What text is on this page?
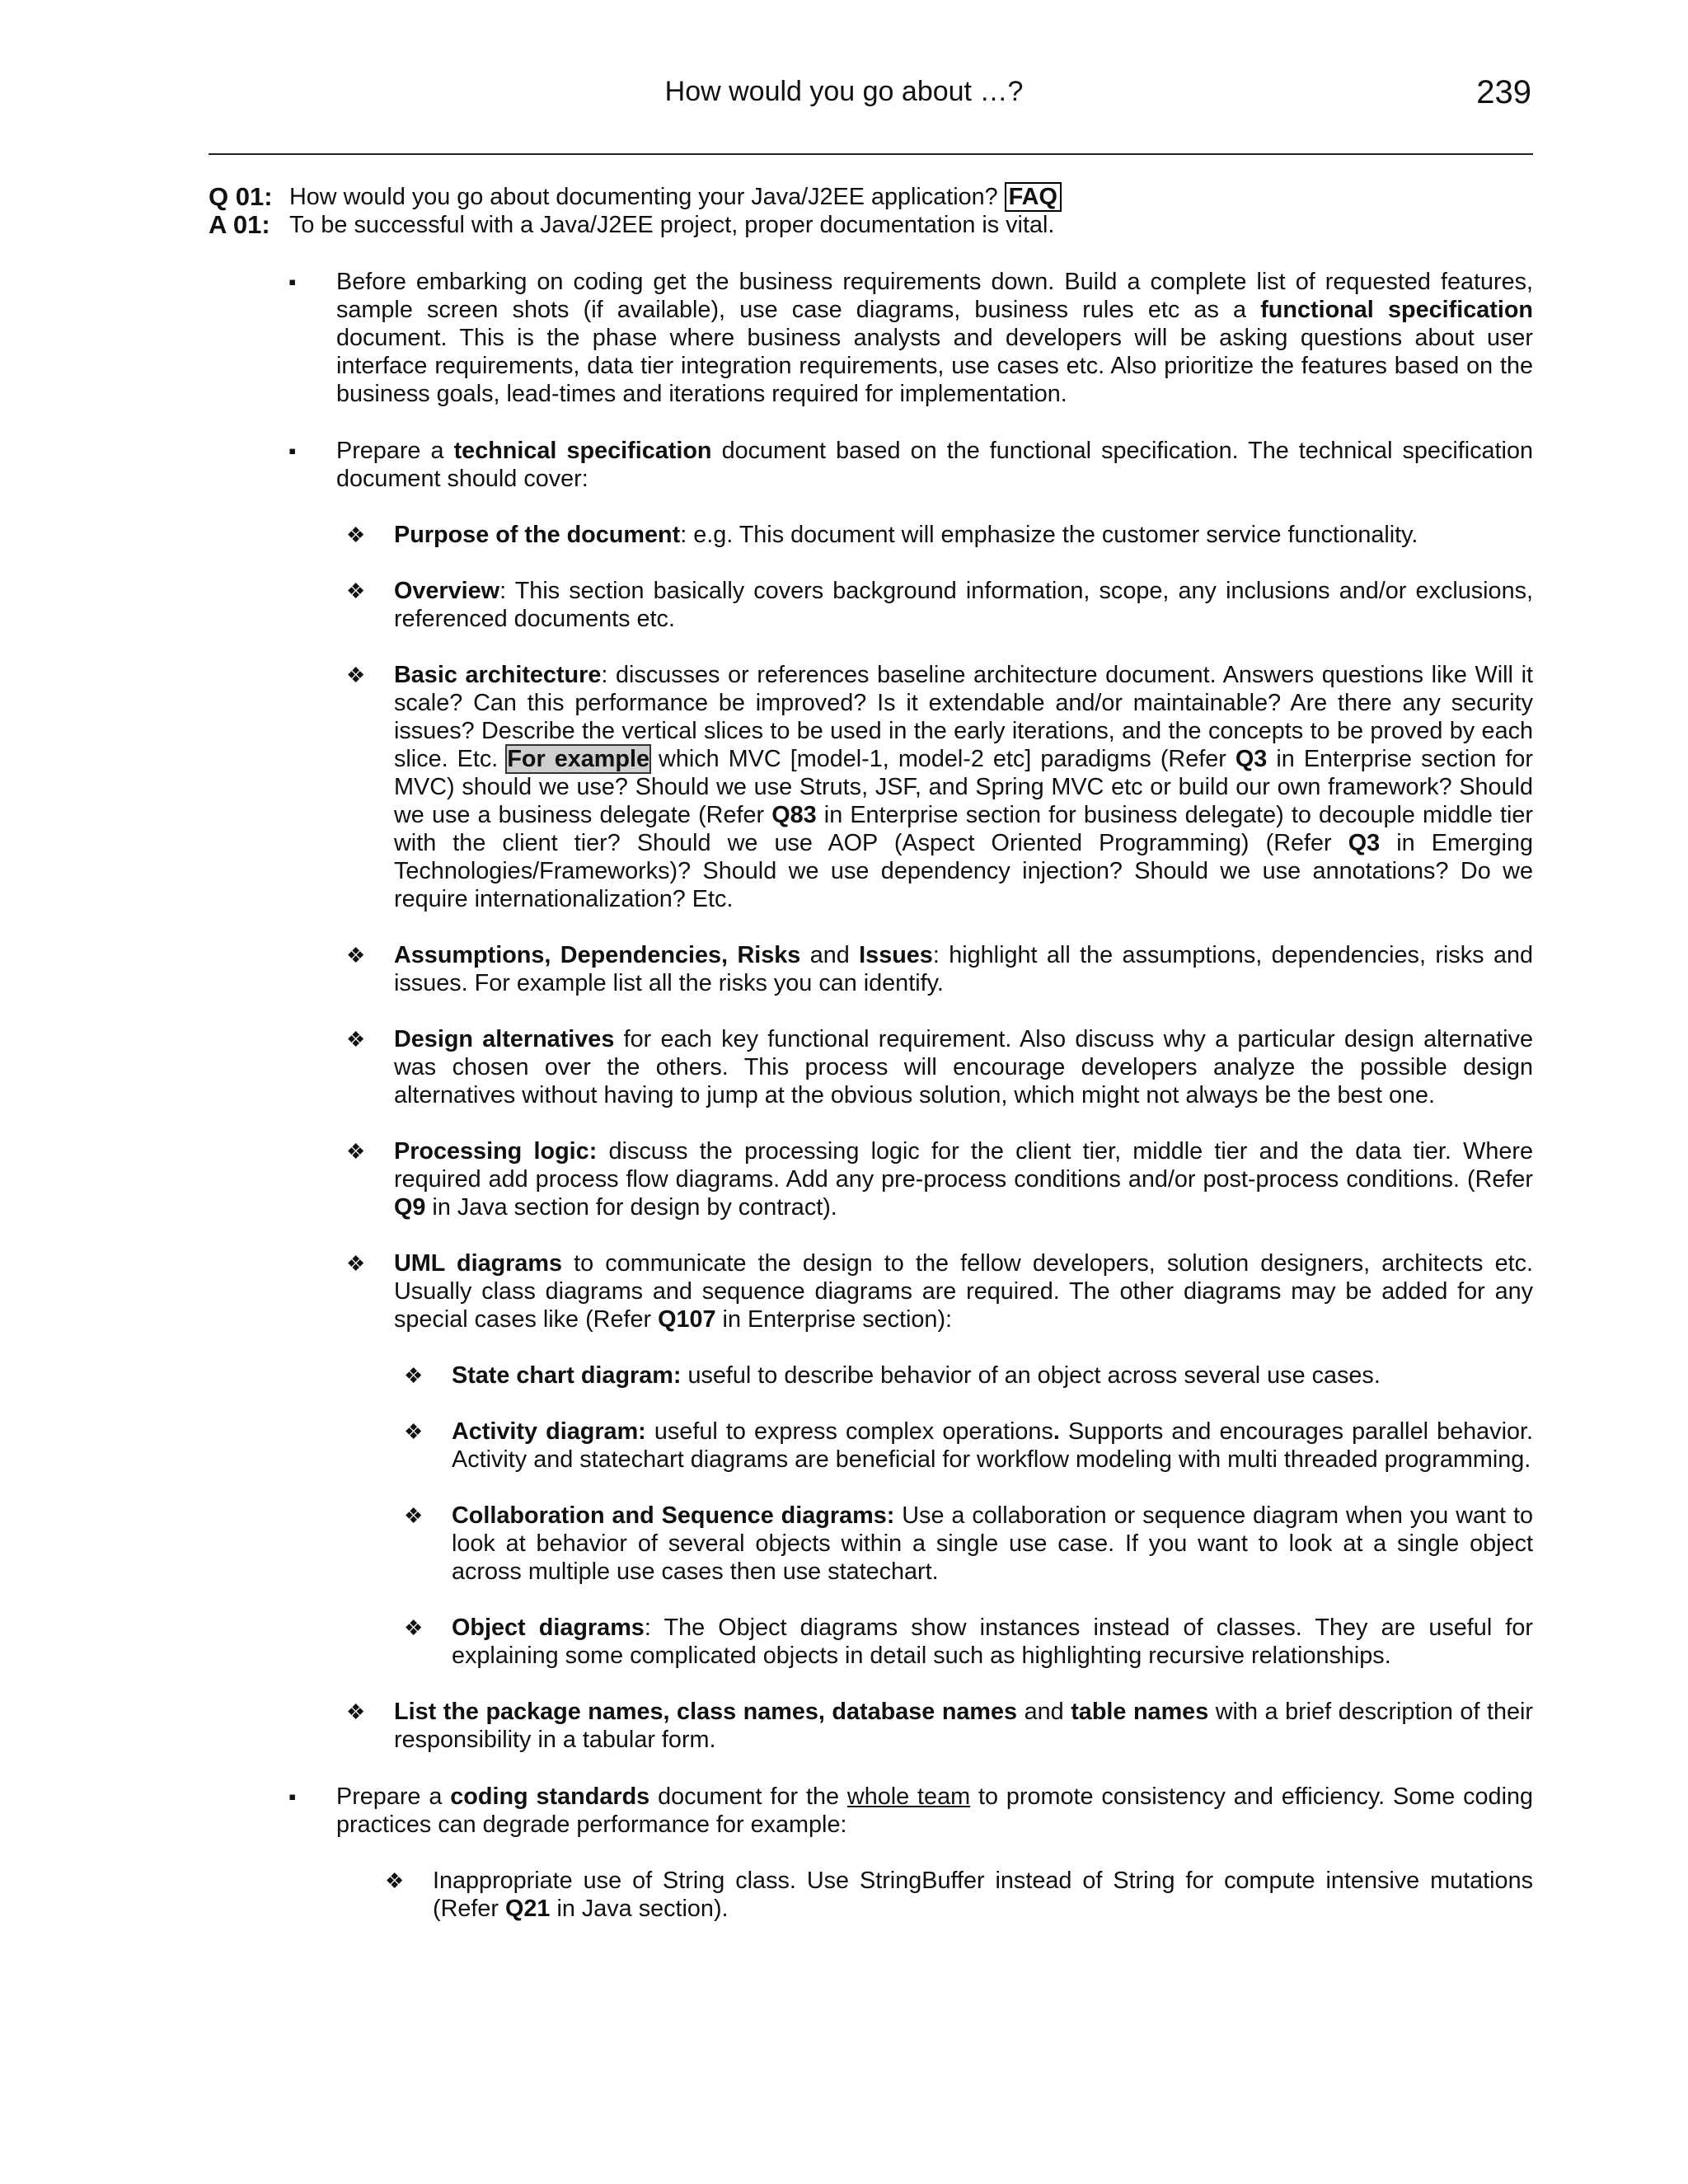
How would you go about …?	239
Q 01: How would you go about documenting your Java/J2EE application? FAQ
A 01: To be successful with a Java/J2EE project, proper documentation is vital.
▪	Before embarking on coding get the business requirements down. Build a complete list of requested features, sample screen shots (if available), use case diagrams, business rules etc as a functional specification document. This is the phase where business analysts and developers will be asking questions about user interface requirements, data tier integration requirements, use cases etc. Also prioritize the features based on the business goals, lead-times and iterations required for implementation.
▪	Prepare a technical specification document based on the functional specification. The technical specification document should cover:
❖	Purpose of the document: e.g. This document will emphasize the customer service functionality.
❖	Overview: This section basically covers background information, scope, any inclusions and/or exclusions, referenced documents etc.
❖	Basic architecture: discusses or references baseline architecture document. Answers questions like Will it scale? Can this performance be improved? Is it extendable and/or maintainable? Are there any security issues? Describe the vertical slices to be used in the early iterations, and the concepts to be proved by each slice. Etc. For example which MVC [model-1, model-2 etc] paradigms (Refer Q3 in Enterprise section for MVC) should we use? Should we use Struts, JSF, and Spring MVC etc or build our own framework? Should we use a business delegate (Refer Q83 in Enterprise section for business delegate) to decouple middle tier with the client tier? Should we use AOP (Aspect Oriented Programming) (Refer Q3 in Emerging Technologies/Frameworks)? Should we use dependency injection? Should we use annotations? Do we require internationalization? Etc.
❖	Assumptions, Dependencies, Risks and Issues: highlight all the assumptions, dependencies, risks and issues. For example list all the risks you can identify.
❖	Design alternatives for each key functional requirement. Also discuss why a particular design alternative was chosen over the others. This process will encourage developers analyze the possible design alternatives without having to jump at the obvious solution, which might not always be the best one.
❖	Processing logic: discuss the processing logic for the client tier, middle tier and the data tier. Where required add process flow diagrams. Add any pre-process conditions and/or post-process conditions. (Refer Q9 in Java section for design by contract).
❖	UML diagrams to communicate the design to the fellow developers, solution designers, architects etc. Usually class diagrams and sequence diagrams are required. The other diagrams may be added for any special cases like (Refer Q107 in Enterprise section):
❖	State chart diagram: useful to describe behavior of an object across several use cases.
❖	Activity diagram: useful to express complex operations. Supports and encourages parallel behavior. Activity and statechart diagrams are beneficial for workflow modeling with multi threaded programming.
❖	Collaboration and Sequence diagrams: Use a collaboration or sequence diagram when you want to look at behavior of several objects within a single use case. If you want to look at a single object across multiple use cases then use statechart.
❖	Object diagrams: The Object diagrams show instances instead of classes. They are useful for explaining some complicated objects in detail such as highlighting recursive relationships.
❖	List the package names, class names, database names and table names with a brief description of their responsibility in a tabular form.
▪	Prepare a coding standards document for the whole team to promote consistency and efficiency. Some coding practices can degrade performance for example:
❖	Inappropriate use of String class. Use StringBuffer instead of String for compute intensive mutations (Refer Q21 in Java section).
